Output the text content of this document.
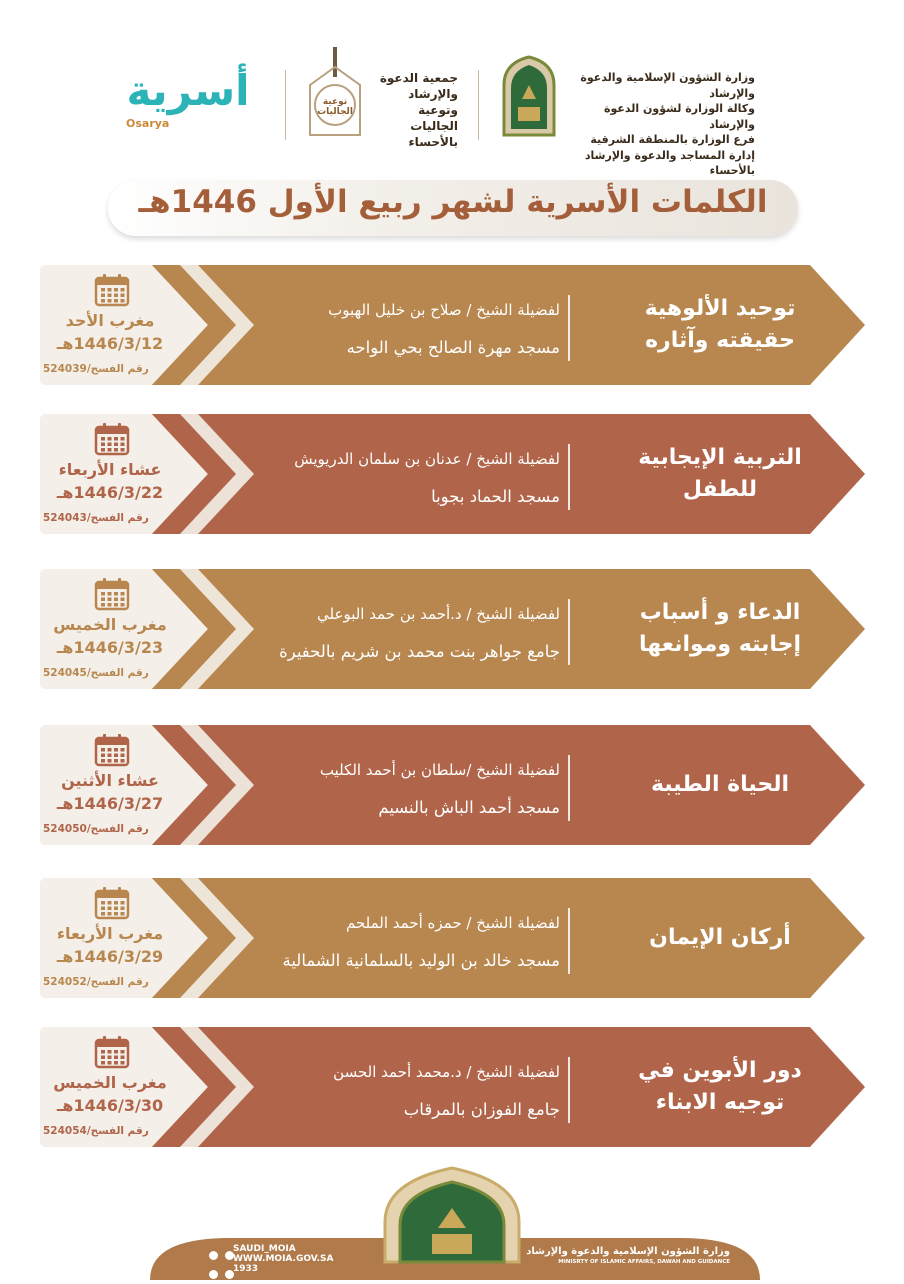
وزارة الشؤون الإسلامية والدعوة والإرشاد
وكالة الوزارة لشؤون الدعوة والإرشاد
فرع الوزارة بالمنطقة الشرقية
إدارة المساجد والدعوة والإرشاد بالأحساء
جمعية الدعوة
والإرشاد
وتوعية الجاليات
بالأحساء
توعية الجاليات
أسرية
Osarya
الكلمات الأسرية لشهر ربيع الأول 1446هـ
توحيد الألوهية
حقيقته وآثاره
لفضيلة الشيخ / صلاح بن خليل الهبوب
مسجد مهرة الصالح بحي الواحه
مغرب الأحد
1446/3/12هـ
رقم الفسح/524039
التربية الإيجابية للطفل
لفضيلة الشيخ / عدنان بن سلمان الدريويش
مسجد الحماد بجوبا
عشاء الأربعاء
1446/3/22هـ
رقم الفسح/524043
الدعاء و أسباب
إجابته وموانعها
لفضيلة الشيخ / د.أحمد بن حمد البوعلي
جامع جواهر بنت محمد بن شريم بالحفيرة
مغرب الخميس
1446/3/23هـ
رقم الفسح/524045
الحياة الطيبة
لفضيلة الشيخ /سلطان بن أحمد الكليب
مسجد أحمد الباش بالنسيم
عشاء الأثنين
1446/3/27هـ
رقم الفسح/524050
أركان الإيمان
لفضيلة الشيخ / حمزه أحمد الملحم
مسجد خالد بن الوليد بالسلمانية الشمالية
مغرب الأربعاء
1446/3/29هـ
رقم الفسح/524052
دور الأبوين في
توجيه الابناء
لفضيلة الشيخ / د.محمد أحمد الحسن
جامع الفوزان بالمرقاب
مغرب الخميس
1446/3/30هـ
رقم الفسح/524054

SAUDI_MOIA
WWW.MOIA.GOV.SA
1933
وزارة الشؤون الإسلامية والدعوة والإرشاد
MINISRTY OF ISLAMIC AFFAIRS, DAWAH AND GUIDANCE
